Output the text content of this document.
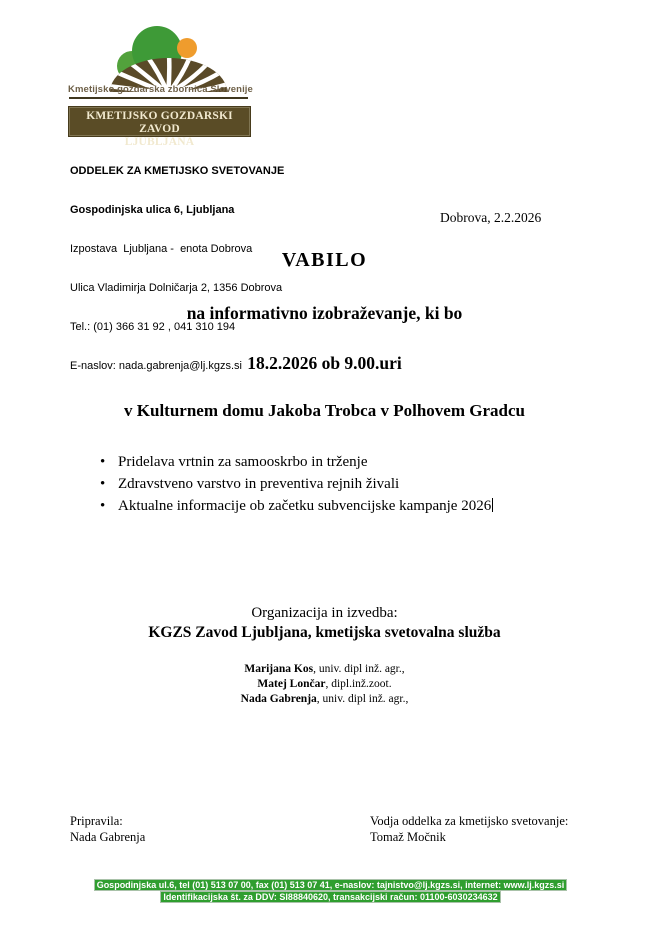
Kmetijsko gozdarska zbornica Slovenije
KMETIJSKO GOZDARSKI ZAVOD
LJUBLJANA

ODDELEK ZA KMETIJSKO SVETOVANJE

Gospodinjska ulica 6, Ljubljana

Izpostava  Ljubljana -  enota Dobrova

Ulica Vladimirja Dolničarja 2, 1356 Dobrova

Tel.: (01) 366 31 92 , 041 310 194

E-naslov: nada.gabrenja@lj.kgzs.si

Dobrova, 2.2.2026
VABILO
na informativno izobraževanje, ki bo
18.2.2026 ob 9.00.uri
v Kulturnem domu Jakoba Trobca v Polhovem Gradcu
• Pridelava vrtnin za samooskrbo in trženje
• Zdravstveno varstvo in preventiva rejnih živali
• Aktualne informacije ob začetku subvencijske kampanje 2026
Organizacija in izvedba:
KGZS Zavod Ljubljana, kmetijska svetovalna služba
Marijana Kos, univ. dipl inž. agr.,
Matej Lončar, dipl.inž.zoot.
Nada Gabrenja, univ. dipl inž. agr.,
Pripravila:
Nada Gabrenja
Vodja oddelka za kmetijsko svetovanje:
Tomaž Močnik
Gospodinjska ul.6, tel (01) 513 07 00, fax (01) 513 07 41, e-naslov: tajnistvo@lj.kgzs.si, internet: www.lj.kgzs.si
Identifikacijska št. za DDV: SI88840620, transakcijski račun: 01100-6030234632
